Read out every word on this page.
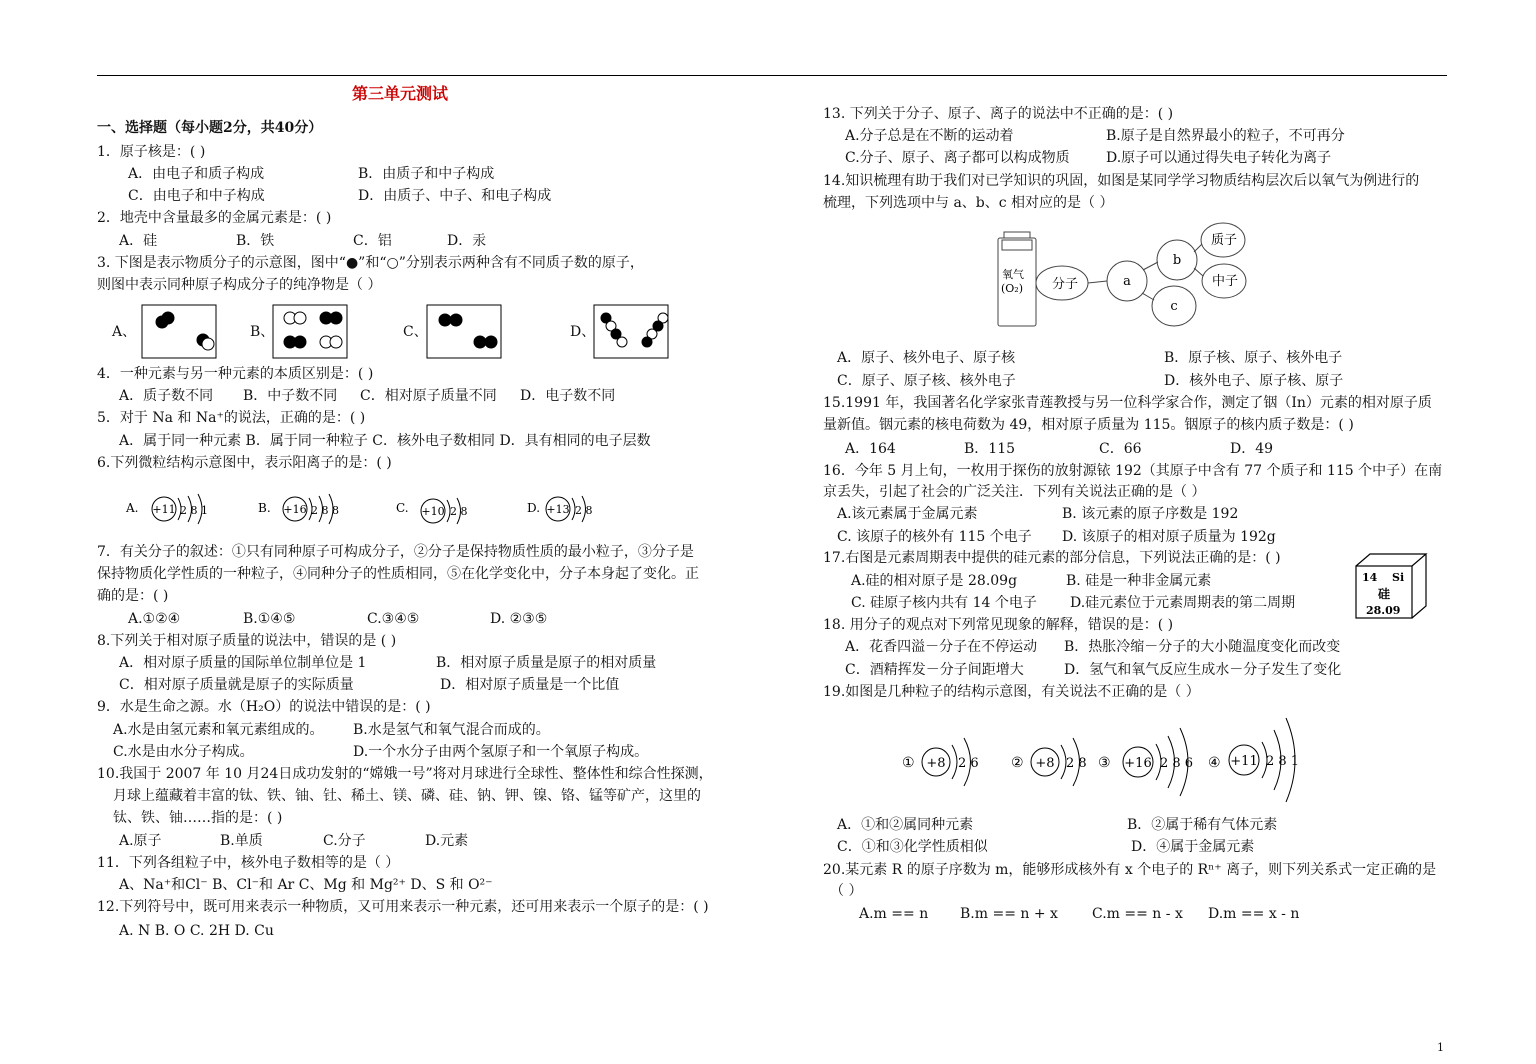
第三单元测试
一、选择题（每小题2分，共40分）
1．原子核是：( )
A．由电子和质子构成	B．由质子和中子构成
C．由电子和中子构成	D．由质子、中子、和电子构成
2．地壳中含量最多的金属元素是：( )
A．硅	B．铁	C．铝	D．汞
3. 下图是表示物质分子的示意图，图中“●”和“○”分别表示两种含有不同质子数的原子，
则图中表示同种原子构成分子的纯净物是（ ）
4．一种元素与另一种元素的本质区别是：( )
A．质子数不同 B．中子数不同 C．相对原子质量不同 D．电子数不同
5．对于 Na 和 Na⁺的说法，正确的是：( )
A．属于同一种元素 B．属于同一种粒子 C．核外电子数相同 D．具有相同的电子层数
6.下列微粒结构示意图中，表示阳离子的是：( )
7．有关分子的叙述：①只有同种原子可构成分子，②分子是保持物质性质的最小粒子，③分子是
保持物质化学性质的一种粒子，④同种分子的性质相同，⑤在化学变化中，分子本身起了变化。正
确的是：( )
A.①②④	B.①④⑤	C.③④⑤	D. ②③⑤
8.下列关于相对原子质量的说法中，错误的是 ( )
A．相对原子质量的国际单位制单位是 1	B．相对原子质量是原子的相对质量
C．相对原子质量就是原子的实际质量	D．相对原子质量是一个比值
9．水是生命之源。水（H₂O）的说法中错误的是：( )
A.水是由氢元素和氧元素组成的。 B.水是氢气和氧气混合而成的。
C.水是由水分子构成。	D.一个水分子由两个氢原子和一个氧原子构成。
10.我国于 2007 年 10 月24日成功发射的“嫦娥一号”将对月球进行全球性、整体性和综合性探测，
月球上蕴藏着丰富的钛、铁、铀、钍、稀土、镁、磷、硅、钠、钾、镍、铬、锰等矿产，这里的
钛、铁、铀……指的是：( )
A.原子	B.单质	C.分子	D.元素
11．下列各组粒子中，核外电子数相等的是（ ）
A、Na⁺和Cl⁻ B、Cl⁻和 Ar C、Mg 和 Mg²⁺ D、S 和 O²⁻
12.下列符号中，既可用来表示一种物质，又可用来表示一种元素，还可用来表示一个原子的是：( )
A. N B. O C. 2H D. Cu
13. 下列关于分子、原子、离子的说法中不正确的是：( )
A.分子总是在不断的运动着	B.原子是自然界最小的粒子，不可再分
C.分子、原子、离子都可以构成物质	D.原子可以通过得失电子转化为离子
14.知识梳理有助于我们对已学知识的巩固，如图是某同学学习物质结构层次后以氧气为例进行的
梳理，下列选项中与 a、b、c 相对应的是（ ）
A．原子、核外电子、原子核	B．原子核、原子、核外电子
C．原子、原子核、核外电子	D．核外电子、原子核、原子
15.1991 年，我国著名化学家张青莲教授与另一位科学家合作，测定了铟（In）元素的相对原子质
量新值。铟元素的核电荷数为 49，相对原子质量为 115。铟原子的核内质子数是：( )
A．164	B．115	C．66	D．49
16．今年 5 月上旬，一枚用于探伤的放射源铱 192（其原子中含有 77 个质子和 115 个中子）在南
京丢失，引起了社会的广泛关注．下列有关说法正确的是（ ）
A.该元素属于金属元素	B. 该元素的原子序数是 192
C. 该原子的核外有 115 个电子 D. 该原子的相对原子质量为 192g
17.右图是元素周期表中提供的硅元素的部分信息，下列说法正确的是：( )
A.硅的相对原子是 28.09g	B. 硅是一种非金属元素
C. 硅原子核内共有 14 个电子 D.硅元素位于元素周期表的第二周期
18. 用分子的观点对下列常见现象的解释，错误的是：( )
A．花香四溢－分子在不停运动 B．热胀冷缩－分子的大小随温度变化而改变
C．酒精挥发－分子间距增大	D．氢气和氧气反应生成水－分子发生了变化
19.如图是几种粒子的结构示意图，有关说法不正确的是（ ）
A．①和②属同种元素	B．②属于稀有气体元素
C．①和③化学性质相似	D．④属于金属元素
20.某元素 R 的原子序数为 m，能够形成核外有 x 个电子的 Rⁿ⁺ 离子，则下列关系式一定正确的是
（ ）
A.m == n B.m == n + x C.m == n - x D.m == x - n
A、	B、	C、	D、
A. +11 2 8 1	B. +16 2 8 8	C. +10 2 8	D. +13 2 8
氧气
(O₂) 分子	a
b
c
质子
中子
14 Si
硅
28.09
① +8 2 6 ② +8 2 8 ③ +16 2 8 6 ④ +11 2 8 1
1
